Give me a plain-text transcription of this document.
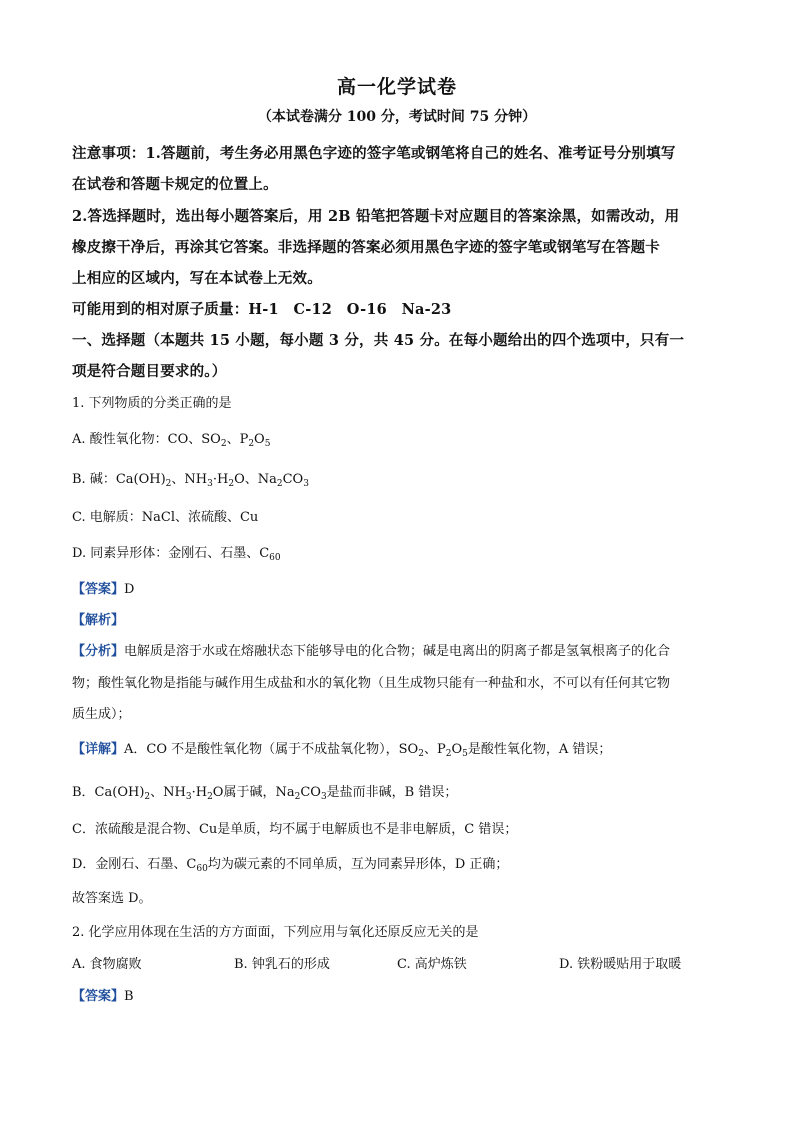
高一化学试卷
（本试卷满分 100 分，考试时间 75 分钟）
注意事项：1.答题前，考生务必用黑色字迹的签字笔或钢笔将自己的姓名、准考证号分别填写
在试卷和答题卡规定的位置上。
2.答选择题时，选出每小题答案后，用 2B 铅笔把答题卡对应题目的答案涂黑，如需改动，用
橡皮擦干净后，再涂其它答案。非选择题的答案必须用黑色字迹的签字笔或钢笔写在答题卡
上相应的区域内，写在本试卷上无效。
可能用到的相对原子质量：H-1　C-12　O-16　Na-23
一、选择题（本题共 15 小题，每小题 3 分，共 45 分。在每小题给出的四个选项中，只有一
项是符合题目要求的。）
1. 下列物质的分类正确的是
A. 酸性氧化物：CO、$SO_2$、$P_2O_5$
B. 碱：$Ca(OH)_2$、$NH_3\cdot H_2O$、$Na_2CO_3$
C. 电解质：NaCl、浓硫酸、Cu
D. 同素异形体：金刚石、石墨、$C_{60}$
【答案】D
【解析】
【分析】电解质是溶于水或在熔融状态下能够导电的化合物；碱是电离出的阴离子都是氢氧根离子的化合
物；酸性氧化物是指能与碱作用生成盐和水的氧化物（且生成物只能有一种盐和水，不可以有任何其它物
质生成）；
【详解】A．CO 不是酸性氧化物（属于不成盐氧化物），$SO_2$、$P_2O_5$是酸性氧化物，A 错误；
B．$Ca(OH)_2$、$NH_3\cdot H_2O$属于碱，$Na_2CO_3$是盐而非碱，B 错误；
C．浓硫酸是混合物、Cu是单质，均不属于电解质也不是非电解质，C 错误；
D．金刚石、石墨、$C_{60}$均为碳元素的不同单质，互为同素异形体，D 正确；
故答案选 D。
2. 化学应用体现在生活的方方面面，下列应用与氧化还原反应无关的是
A. 食物腐败	B. 钟乳石的形成	C. 高炉炼铁	D. 铁粉暖贴用于取暖
【答案】B
